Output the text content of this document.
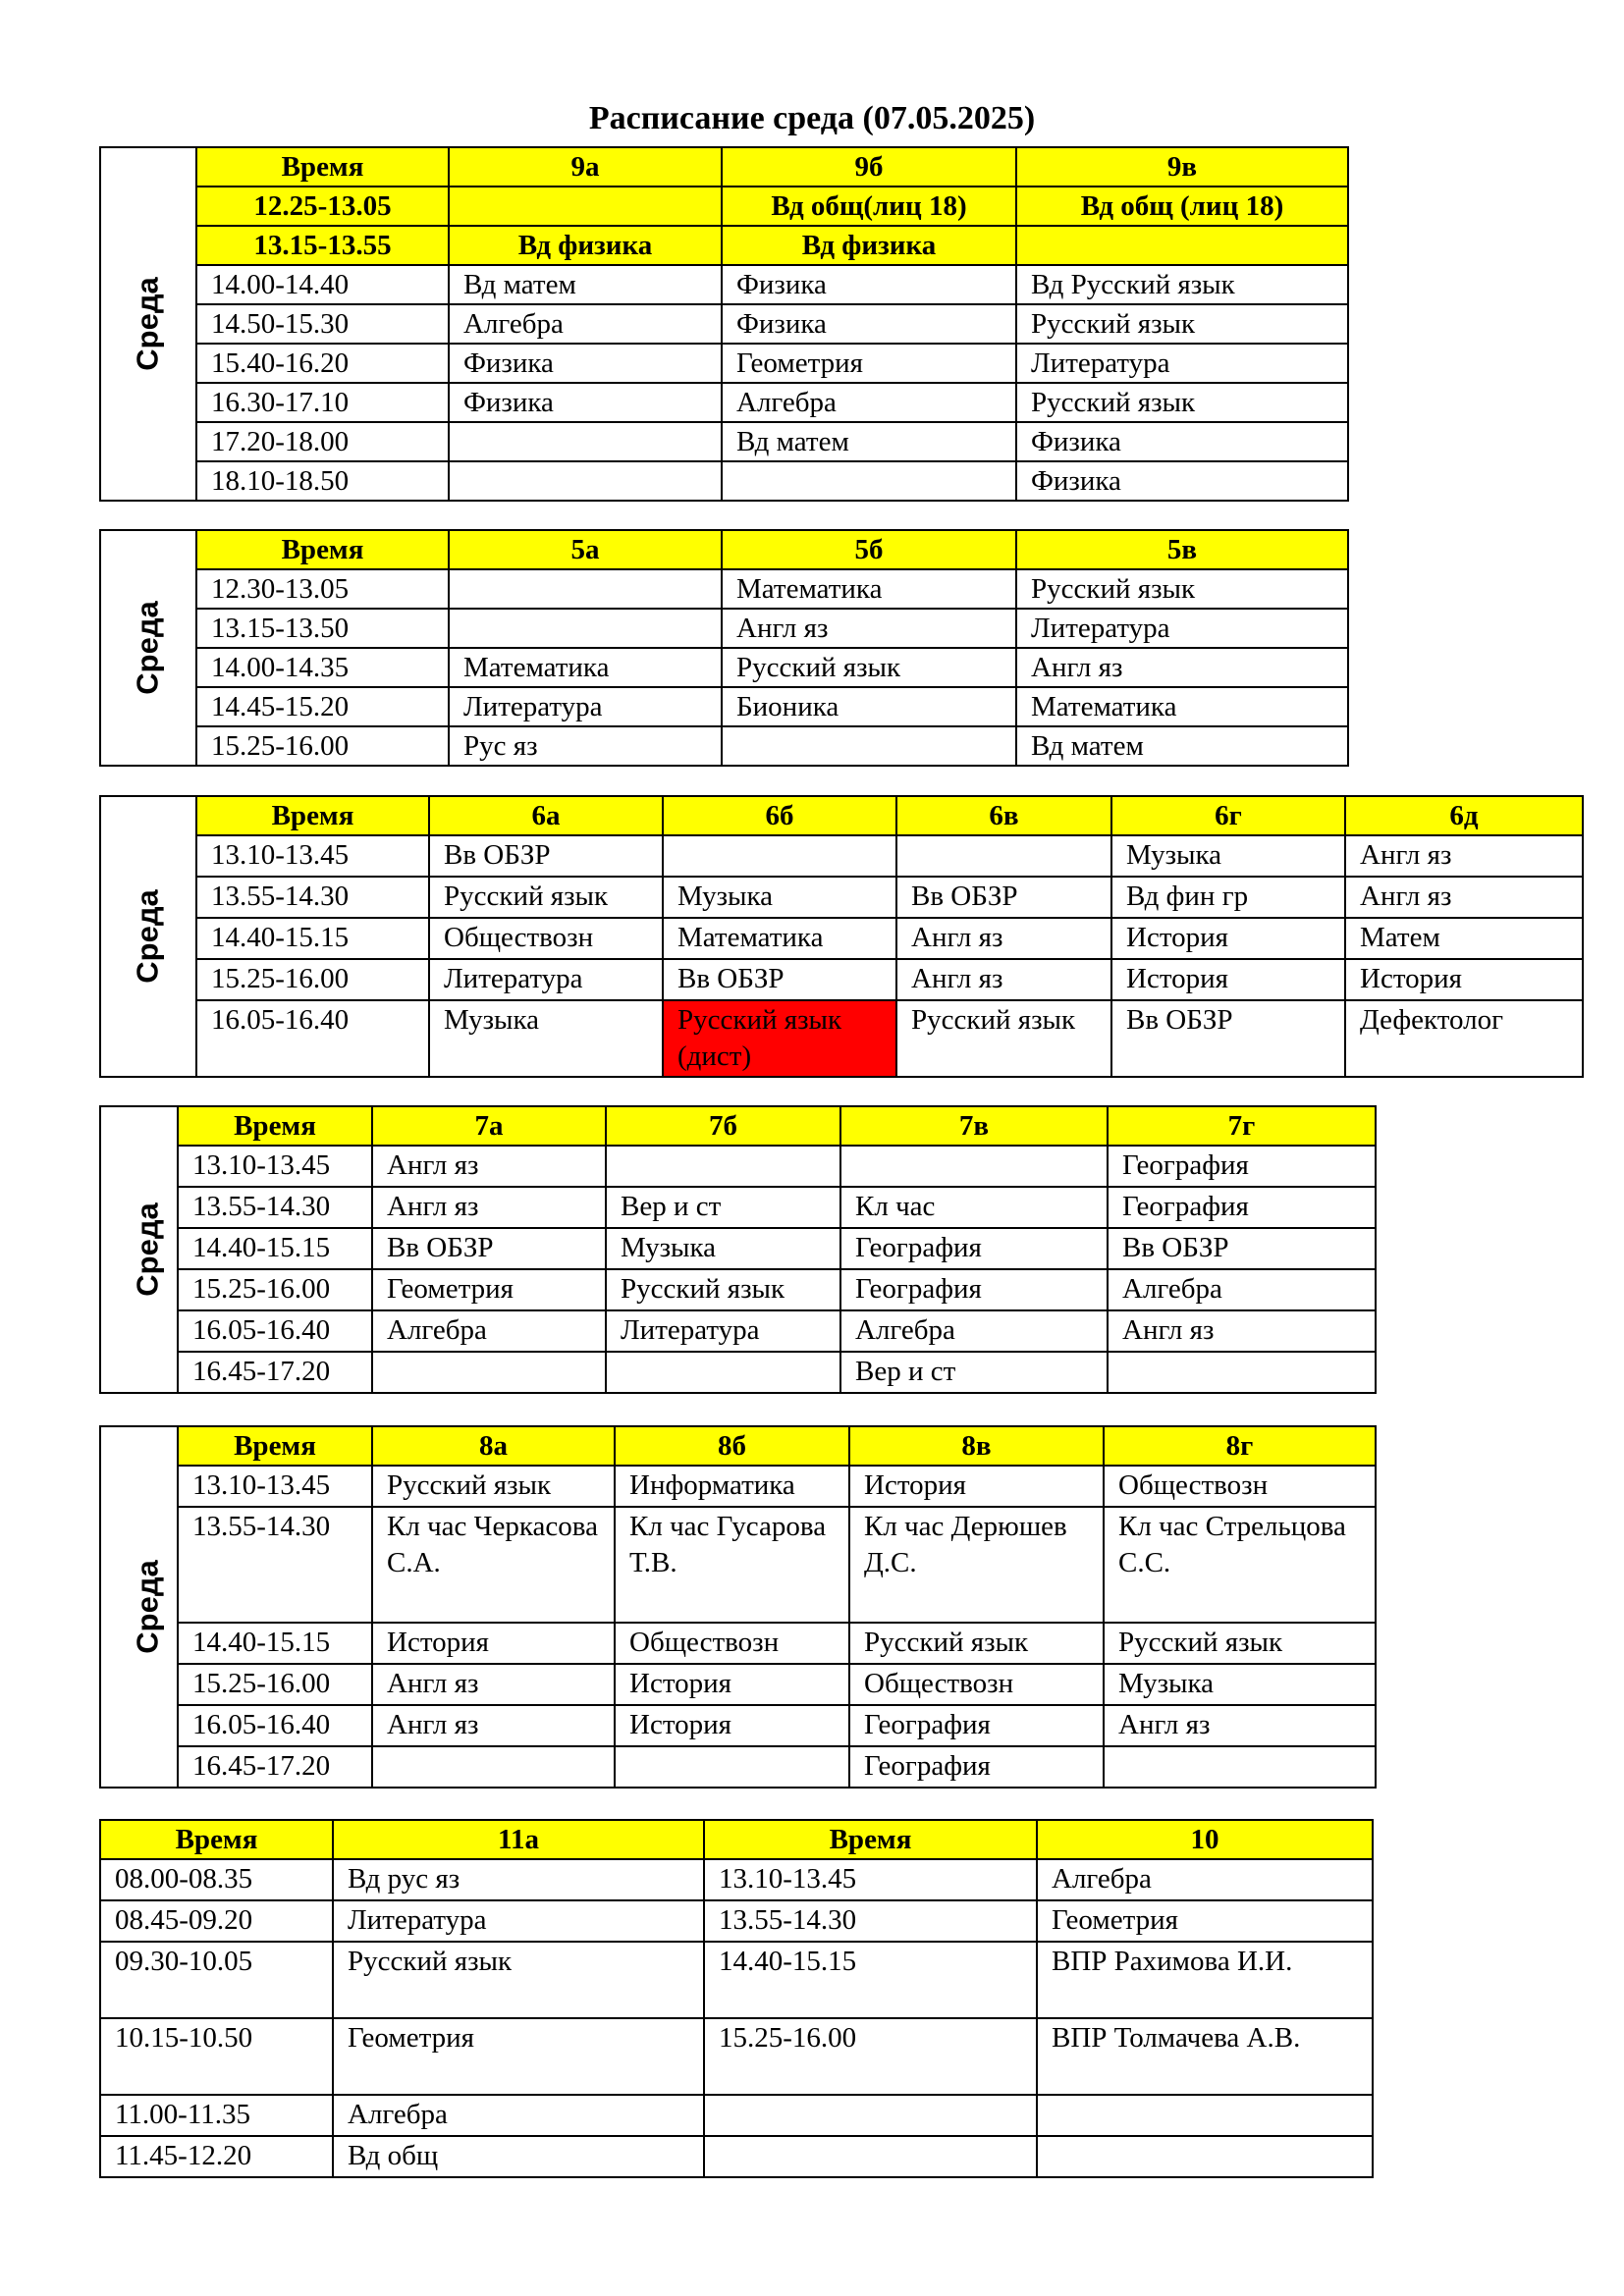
Расписание среда (07.05.2025)
Среда	Время	9а	9б	9в
	12.25-13.05		Вд общ(лиц 18)	Вд общ (лиц 18)
	13.15-13.55	Вд физика	Вд физика	
	14.00-14.40	Вд матем	Физика	Вд Русский язык
	14.50-15.30	Алгебра	Физика	Русский язык
	15.40-16.20	Физика	Геометрия	Литература
	16.30-17.10	Физика	Алгебра	Русский язык
	17.20-18.00		Вд матем	Физика
	18.10-18.50			Физика
Среда	Время	5а	5б	5в
	12.30-13.05		Математика	Русский язык
	13.15-13.50		Англ яз	Литература
	14.00-14.35	Математика	Русский язык	Англ яз
	14.45-15.20	Литература	Бионика	Математика
	15.25-16.00	Рус яз		Вд матем
Среда	Время	6а	6б	6в	6г	6д
	13.10-13.45	Вв ОБЗР			Музыка	Англ яз
	13.55-14.30	Русский язык	Музыка	Вв ОБЗР	Вд фин гр	Англ яз
	14.40-15.15	Обществозн	Математика	Англ яз	История	Матем
	15.25-16.00	Литература	Вв ОБЗР	Англ яз	История	История
	16.05-16.40	Музыка	Русский язык (дист)	Русский язык	Вв ОБЗР	Дефектолог
Среда	Время	7а	7б	7в	7г
	13.10-13.45	Англ яз			География
	13.55-14.30	Англ яз	Вер и ст	Кл час	География
	14.40-15.15	Вв ОБЗР	Музыка	География	Вв ОБЗР
	15.25-16.00	Геометрия	Русский язык	География	Алгебра
	16.05-16.40	Алгебра	Литература	Алгебра	Англ яз
	16.45-17.20			Вер и ст	
Среда	Время	8а	8б	8в	8г
	13.10-13.45	Русский язык	Информатика	История	Обществозн
	13.55-14.30	Кл час Черкасова С.А.	Кл час Гусарова Т.В.	Кл час Дерюшев Д.С.	Кл час Стрельцова С.С.
	14.40-15.15	История	Обществозн	Русский язык	Русский язык
	15.25-16.00	Англ яз	История	Обществозн	Музыка
	16.05-16.40	Англ яз	История	География	Англ яз
	16.45-17.20			География	
Время	11а	Время	10
08.00-08.35	Вд рус яз	13.10-13.45	Алгебра
08.45-09.20	Литература	13.55-14.30	Геометрия
09.30-10.05	Русский язык	14.40-15.15	ВПР Рахимова И.И.
10.15-10.50	Геометрия	15.25-16.00	ВПР Толмачева А.В.
11.00-11.35	Алгебра		
11.45-12.20	Вд общ		
